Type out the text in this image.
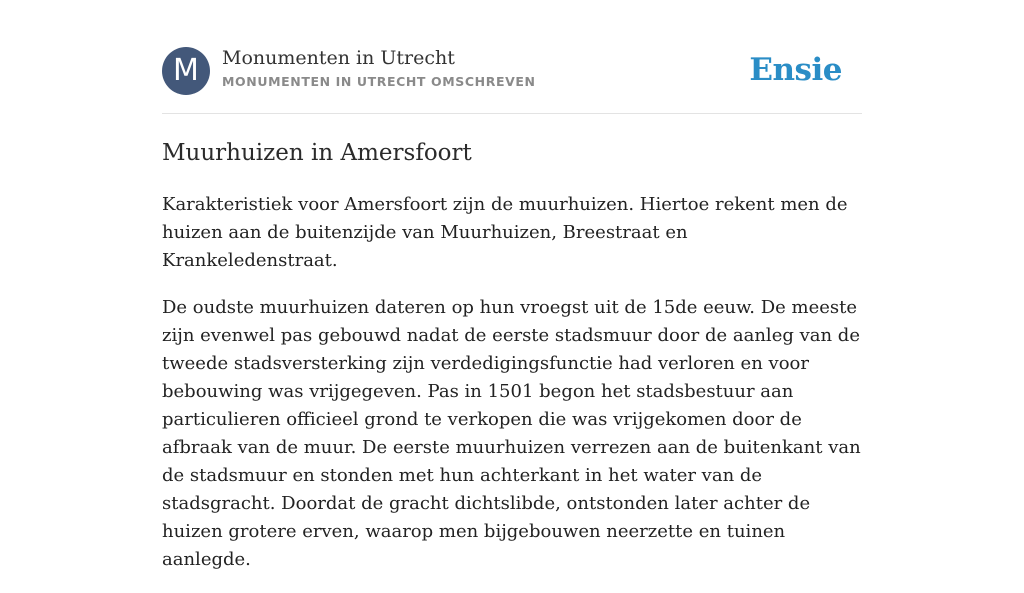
M	Monumenten in Utrecht
MONUMENTEN IN UTRECHT OMSCHREVEN	Ensie
Muurhuizen in Amersfoort

Karakteristiek voor Amersfoort zijn de muurhuizen. Hiertoe rekent men de huizen aan de buitenzijde van Muurhuizen, Breestraat en Krankeledenstraat.

De oudste muurhuizen dateren op hun vroegst uit de 15de eeuw. De meeste zijn evenwel pas gebouwd nadat de eerste stadsmuur door de aanleg van de tweede stadsversterking zijn verdedigingsfunctie had verloren en voor bebouwing was vrijgegeven. Pas in 1501 begon het stadsbestuur aan particulieren officieel grond te verkopen die was vrijgekomen door de afbraak van de muur. De eerste muurhuizen verrezen aan de buitenkant van de stadsmuur en stonden met hun achterkant in het water van de stadsgracht. Doordat de gracht dichtslibde, ontstonden later achter de huizen grotere erven, waarop men bijgebouwen neerzette en tuinen aanlegde.
